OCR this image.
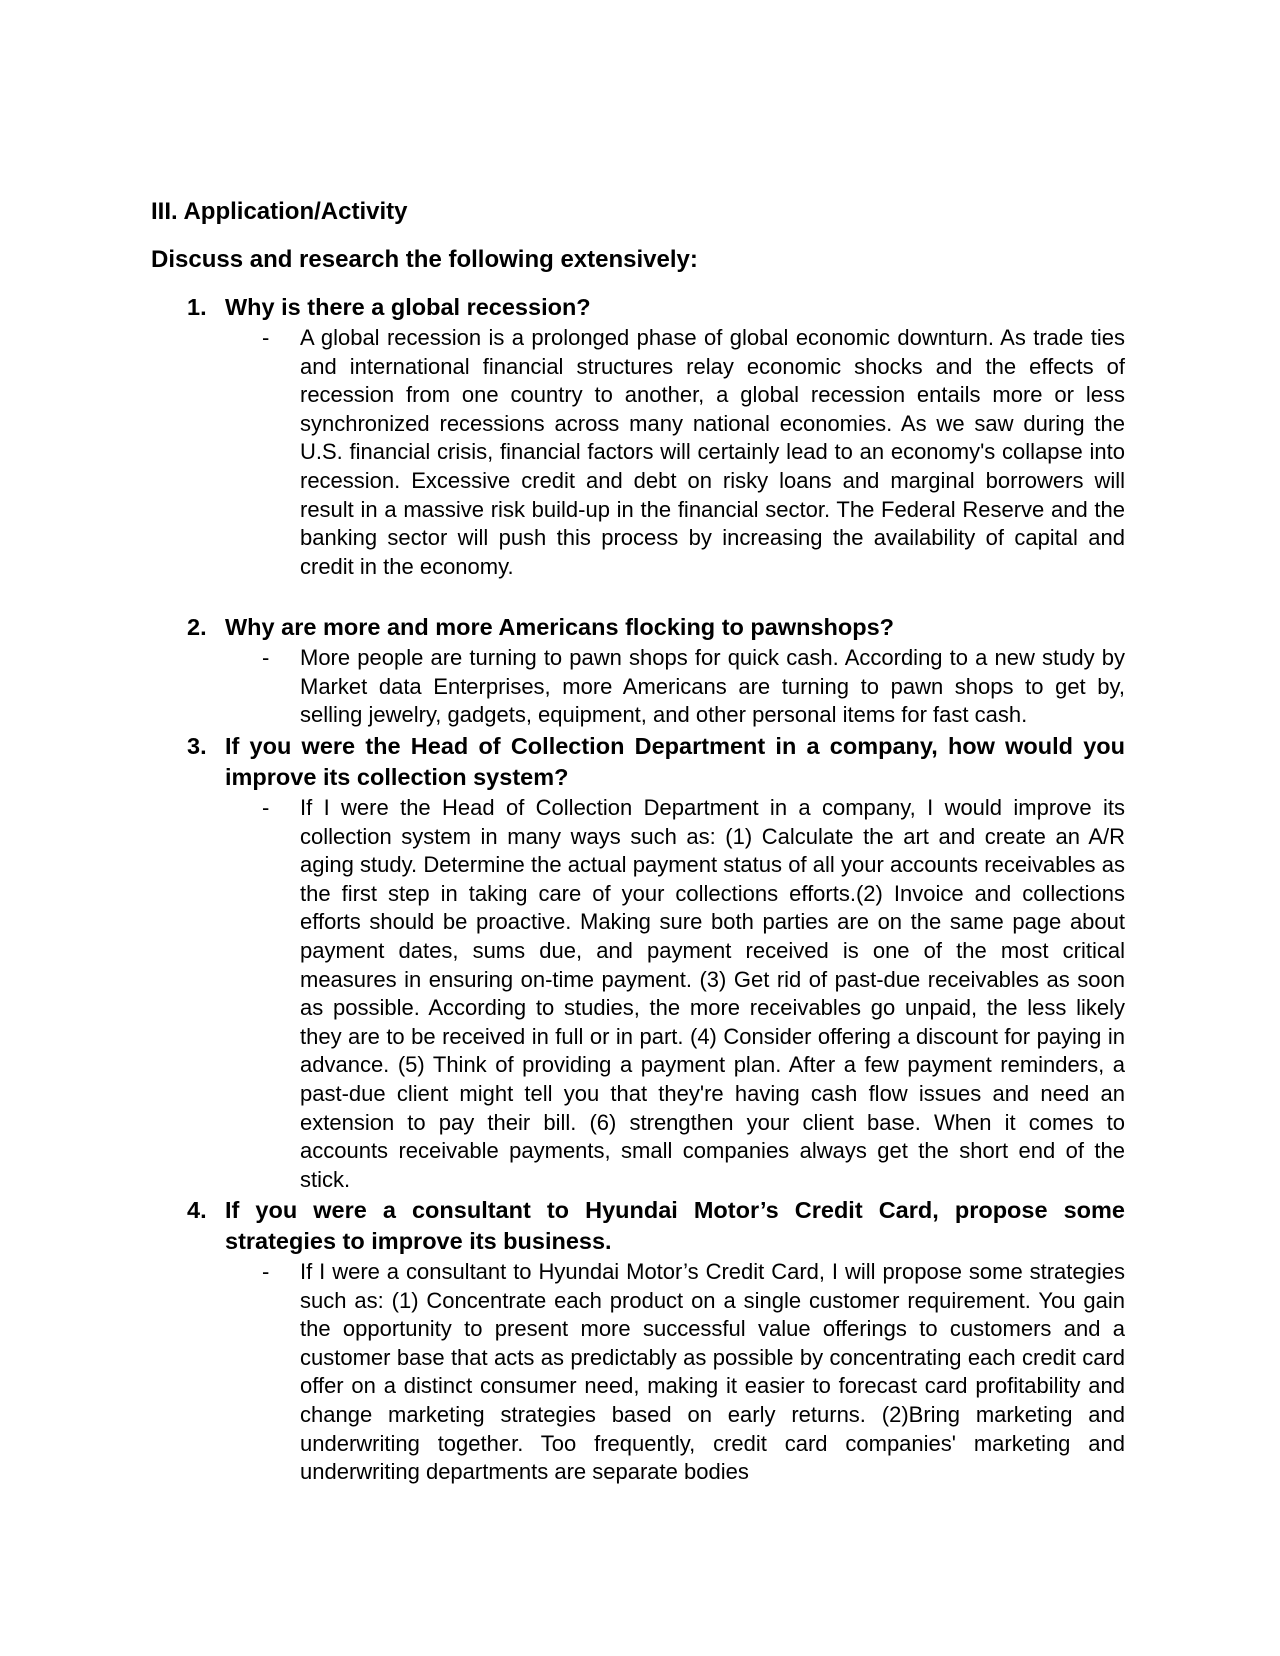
III. Application/Activity

Discuss and research the following extensively:

1. Why is there a global recession?

- A global recession is a prolonged phase of global economic downturn. As trade ties and international financial structures relay economic shocks and the effects of recession from one country to another, a global recession entails more or less synchronized recessions across many national economies. As we saw during the U.S. financial crisis, financial factors will certainly lead to an economy's collapse into recession. Excessive credit and debt on risky loans and marginal borrowers will result in a massive risk build-up in the financial sector. The Federal Reserve and the banking sector will push this process by increasing the availability of capital and credit in the economy.

2. Why are more and more Americans flocking to pawnshops?

- More people are turning to pawn shops for quick cash. According to a new study by Market data Enterprises, more Americans are turning to pawn shops to get by, selling jewelry, gadgets, equipment, and other personal items for fast cash.

3. If you were the Head of Collection Department in a company, how would you improve its collection system?

- If I were the Head of Collection Department in a company, I would improve its collection system in many ways such as: (1) Calculate the art and create an A/R aging study. Determine the actual payment status of all your accounts receivables as the first step in taking care of your collections efforts.(2) Invoice and collections efforts should be proactive. Making sure both parties are on the same page about payment dates, sums due, and payment received is one of the most critical measures in ensuring on-time payment. (3) Get rid of past-due receivables as soon as possible. According to studies, the more receivables go unpaid, the less likely they are to be received in full or in part. (4) Consider offering a discount for paying in advance. (5) Think of providing a payment plan. After a few payment reminders, a past-due client might tell you that they're having cash flow issues and need an extension to pay their bill. (6) strengthen your client base. When it comes to accounts receivable payments, small companies always get the short end of the stick.

4. If you were a consultant to Hyundai Motor’s Credit Card, propose some strategies to improve its business.

- If I were a consultant to Hyundai Motor’s Credit Card, I will propose some strategies such as: (1) Concentrate each product on a single customer requirement. You gain the opportunity to present more successful value offerings to customers and a customer base that acts as predictably as possible by concentrating each credit card offer on a distinct consumer need, making it easier to forecast card profitability and change marketing strategies based on early returns. (2)Bring marketing and underwriting together. Too frequently, credit card companies' marketing and underwriting departments are separate bodies
